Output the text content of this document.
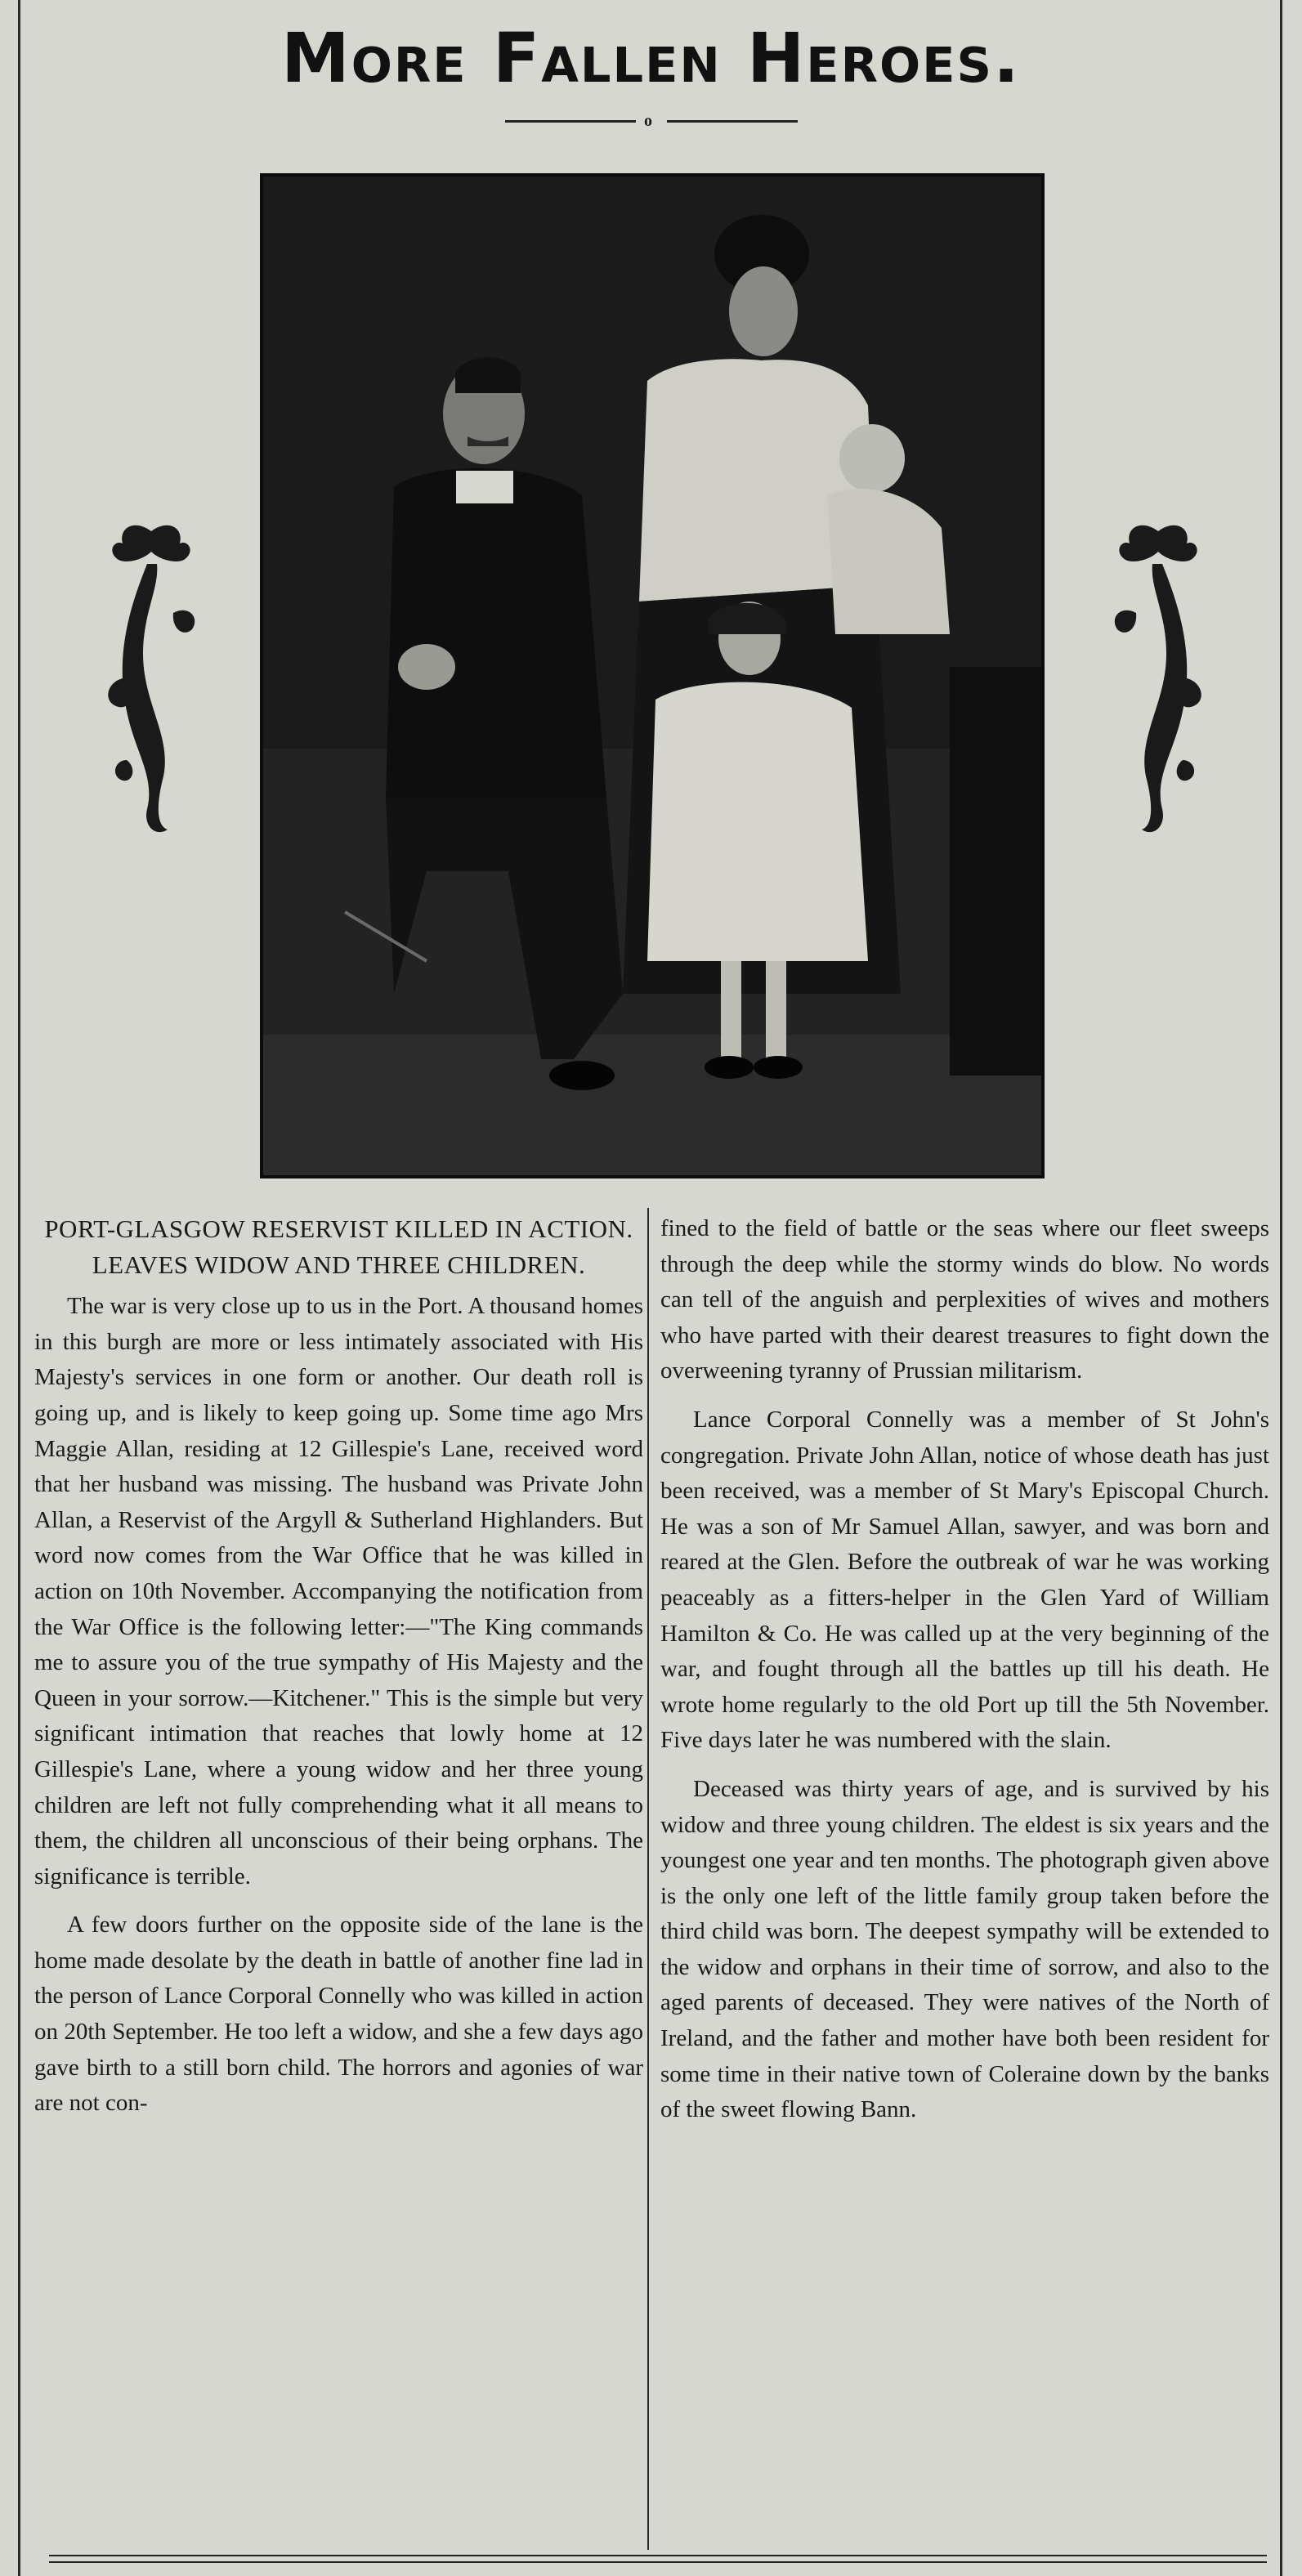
More Fallen Heroes.
o

PORT-GLASGOW RESERVIST KILLED IN ACTION.

LEAVES WIDOW AND THREE CHILDREN.

The war is very close up to us in the Port. A thousand homes in this burgh are more or less intimately associated with His Majesty's services in one form or another. Our death roll is going up, and is likely to keep going up. Some time ago Mrs Maggie Allan, residing at 12 Gillespie's Lane, received word that her husband was missing. The husband was Private John Allan, a Reservist of the Argyll & Sutherland Highlanders. But word now comes from the War Office that he was killed in action on 10th November. Accompanying the notification from the War Office is the following letter:—"The King commands me to assure you of the true sympathy of His Majesty and the Queen in your sorrow.—Kitchener." This is the simple but very significant intimation that reaches that lowly home at 12 Gillespie's Lane, where a young widow and her three young children are left not fully comprehending what it all means to them, the children all unconscious of their being orphans. The significance is terrible.

A few doors further on the opposite side of the lane is the home made desolate by the death in battle of another fine lad in the person of Lance Corporal Connelly who was killed in action on 20th September. He too left a widow, and she a few days ago gave birth to a still born child. The horrors and agonies of war are not con-

fined to the field of battle or the seas where our fleet sweeps through the deep while the stormy winds do blow. No words can tell of the anguish and perplexities of wives and mothers who have parted with their dearest treasures to fight down the overweening tyranny of Prussian militarism.

Lance Corporal Connelly was a member of St John's congregation. Private John Allan, notice of whose death has just been received, was a member of St Mary's Episcopal Church. He was a son of Mr Samuel Allan, sawyer, and was born and reared at the Glen. Before the outbreak of war he was working peaceably as a fitters-helper in the Glen Yard of William Hamilton & Co. He was called up at the very beginning of the war, and fought through all the battles up till his death. He wrote home regularly to the old Port up till the 5th November. Five days later he was numbered with the slain.

Deceased was thirty years of age, and is survived by his widow and three young children. The eldest is six years and the youngest one year and ten months. The photograph given above is the only one left of the little family group taken before the third child was born. The deepest sympathy will be extended to the widow and orphans in their time of sorrow, and also to the aged parents of deceased. They were natives of the North of Ireland, and the father and mother have both been resident for some time in their native town of Coleraine down by the banks of the sweet flowing Bann.
